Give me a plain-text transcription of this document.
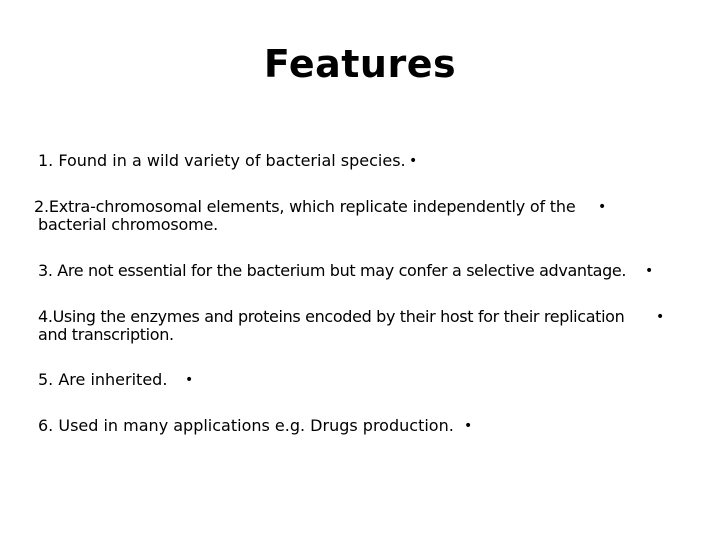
Features
1. Found in a wild variety of bacterial species. •
2.Extra-chromosomal elements, which replicate independently of the
bacterial chromosome.
•
3. Are not essential for the bacterium but may confer a selective advantage. •
4.Using the enzymes and proteins encoded by their host for their replication
and transcription.
•
5. Are inherited. •
6. Used in many applications e.g. Drugs production. •
